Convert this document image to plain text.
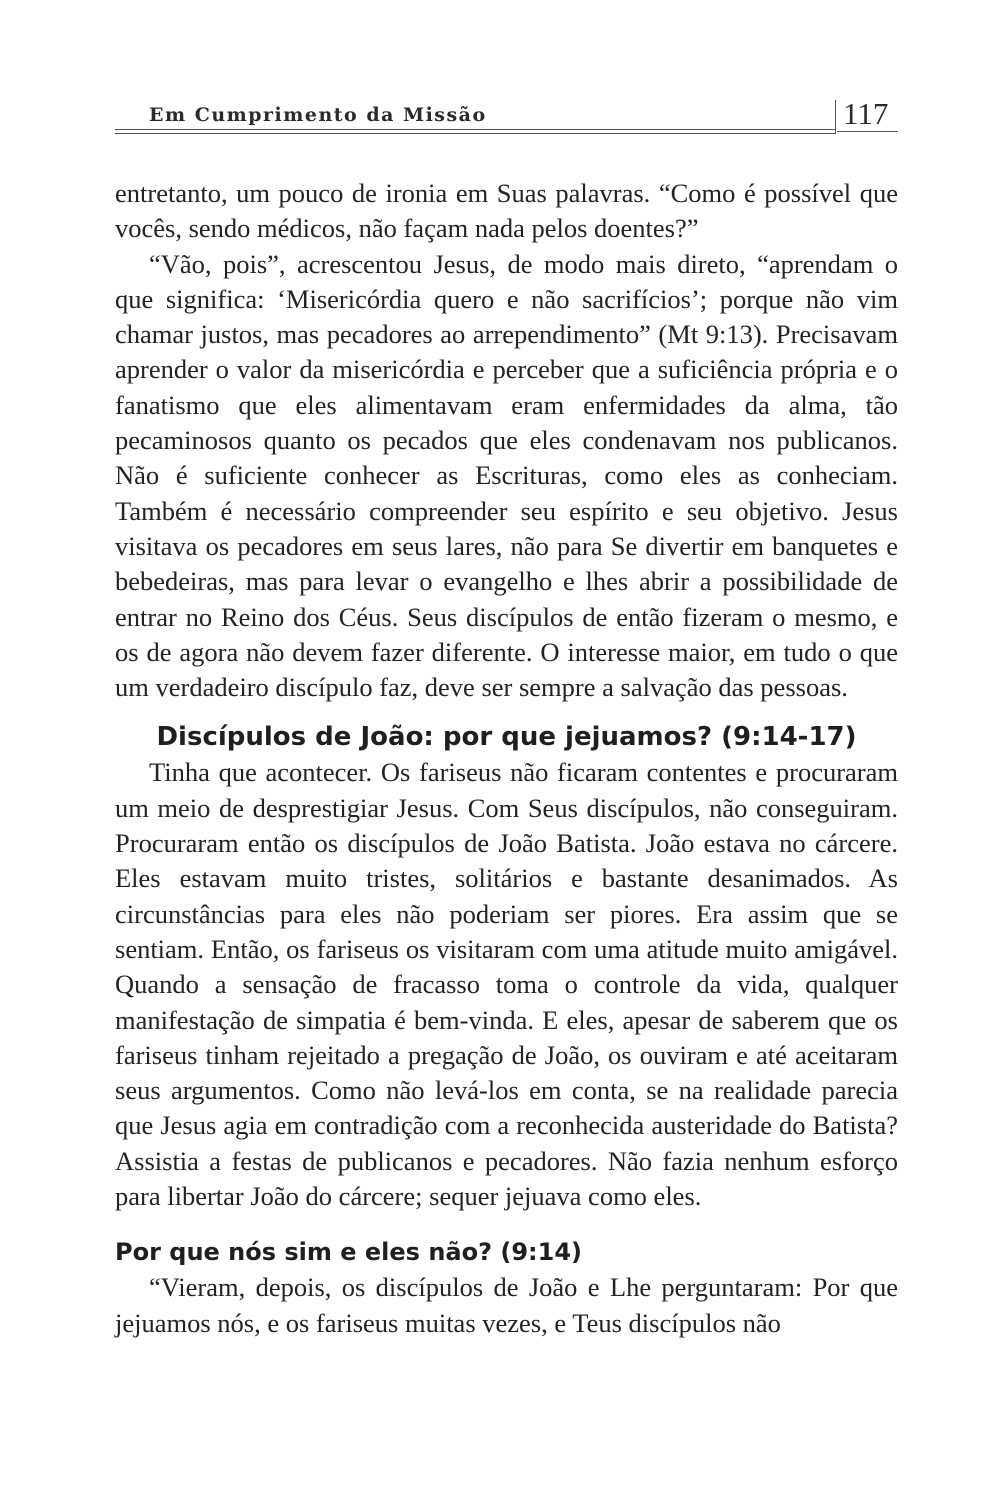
Em Cumprimento da Missão	117

entretanto, um pouco de ironia em Suas palavras. “Como é possível que vocês, sendo médicos, não façam nada pelos doentes?”

“Vão, pois”, acrescentou Jesus, de modo mais direto, “aprendam o que significa: ‘Misericórdia quero e não sacrifícios’; porque não vim chamar justos, mas pecadores ao arrependimento” (Mt 9:13). Precisavam aprender o valor da misericórdia e perceber que a suficiência própria e o fanatismo que eles alimentavam eram enfermidades da alma, tão pecaminosos quanto os pecados que eles condenavam nos publicanos. Não é suficiente conhecer as Escrituras, como eles as conheciam. Também é necessário compreender seu espírito e seu objetivo. Jesus visitava os pecadores em seus lares, não para Se divertir em banquetes e bebedeiras, mas para levar o evangelho e lhes abrir a possibilidade de entrar no Reino dos Céus. Seus discípulos de então fizeram o mesmo, e os de agora não devem fazer diferente. O interesse maior, em tudo o que um verdadeiro discípulo faz, deve ser sempre a salvação das pessoas.

Discípulos de João: por que jejuamos? (9:14-17)

Tinha que acontecer. Os fariseus não ficaram contentes e procuraram um meio de desprestigiar Jesus. Com Seus discípulos, não conseguiram. Procuraram então os discípulos de João Batista. João estava no cárcere. Eles estavam muito tristes, solitários e bastante desanimados. As circunstâncias para eles não poderiam ser piores. Era assim que se sentiam. Então, os fariseus os visitaram com uma atitude muito amigável. Quando a sensação de fracasso toma o controle da vida, qualquer manifestação de simpatia é bem-vinda. E eles, apesar de saberem que os fariseus tinham rejeitado a pregação de João, os ouviram e até aceitaram seus argumentos. Como não levá-los em conta, se na realidade parecia que Jesus agia em contradição com a reconhecida austeridade do Batista? Assistia a festas de publicanos e pecadores. Não fazia nenhum esforço para libertar João do cárcere; sequer jejuava como eles.

Por que nós sim e eles não? (9:14)

“Vieram, depois, os discípulos de João e Lhe perguntaram: Por que jejuamos nós, e os fariseus muitas vezes, e Teus discípulos não
